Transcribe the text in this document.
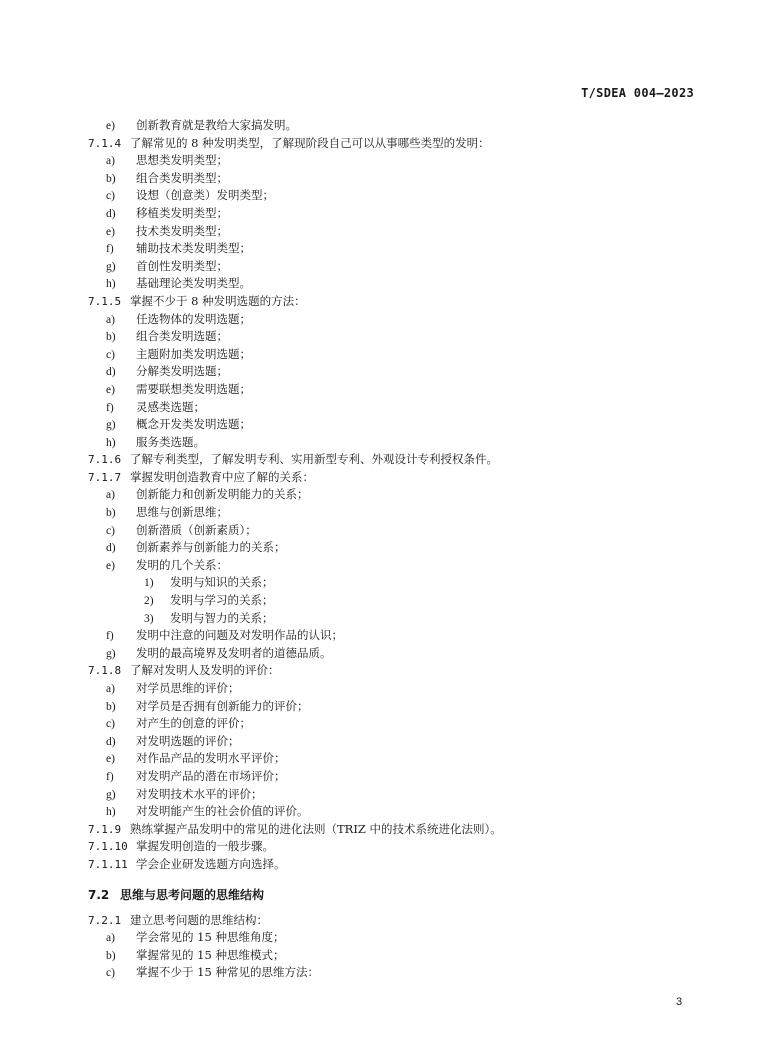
T/SDEA 004—2023
e) 创新教育就是教给大家搞发明。
7.1.4 了解常见的 8 种发明类型，了解现阶段自己可以从事哪些类型的发明：
a) 思想类发明类型；
b) 组合类发明类型；
c) 设想（创意类）发明类型；
d) 移植类发明类型；
e) 技术类发明类型；
f) 辅助技术类发明类型；
g) 首创性发明类型；
h) 基础理论类发明类型。
7.1.5 掌握不少于 8 种发明选题的方法：
a) 任选物体的发明选题；
b) 组合类发明选题；
c) 主题附加类发明选题；
d) 分解类发明选题；
e) 需要联想类发明选题；
f) 灵感类选题；
g) 概念开发类发明选题；
h) 服务类选题。
7.1.6 了解专利类型，了解发明专利、实用新型专利、外观设计专利授权条件。
7.1.7 掌握发明创造教育中应了解的关系：
a) 创新能力和创新发明能力的关系；
b) 思维与创新思维；
c) 创新潜质（创新素质）；
d) 创新素养与创新能力的关系；
e) 发明的几个关系：
1) 发明与知识的关系；
2) 发明与学习的关系；
3) 发明与智力的关系；
f) 发明中注意的问题及对发明作品的认识；
g) 发明的最高境界及发明者的道德品质。
7.1.8 了解对发明人及发明的评价：
a) 对学员思维的评价；
b) 对学员是否拥有创新能力的评价；
c) 对产生的创意的评价；
d) 对发明选题的评价；
e) 对作品产品的发明水平评价；
f) 对发明产品的潜在市场评价；
g) 对发明技术水平的评价；
h) 对发明能产生的社会价值的评价。
7.1.9 熟练掌握产品发明中的常见的进化法则（TRIZ 中的技术系统进化法则）。
7.1.10 掌握发明创造的一般步骤。
7.1.11 学会企业研发选题方向选择。
7.2 思维与思考问题的思维结构
7.2.1 建立思考问题的思维结构：
a) 学会常见的 15 种思维角度；
b) 掌握常见的 15 种思维模式；
c) 掌握不少于 15 种常见的思维方法：
3
